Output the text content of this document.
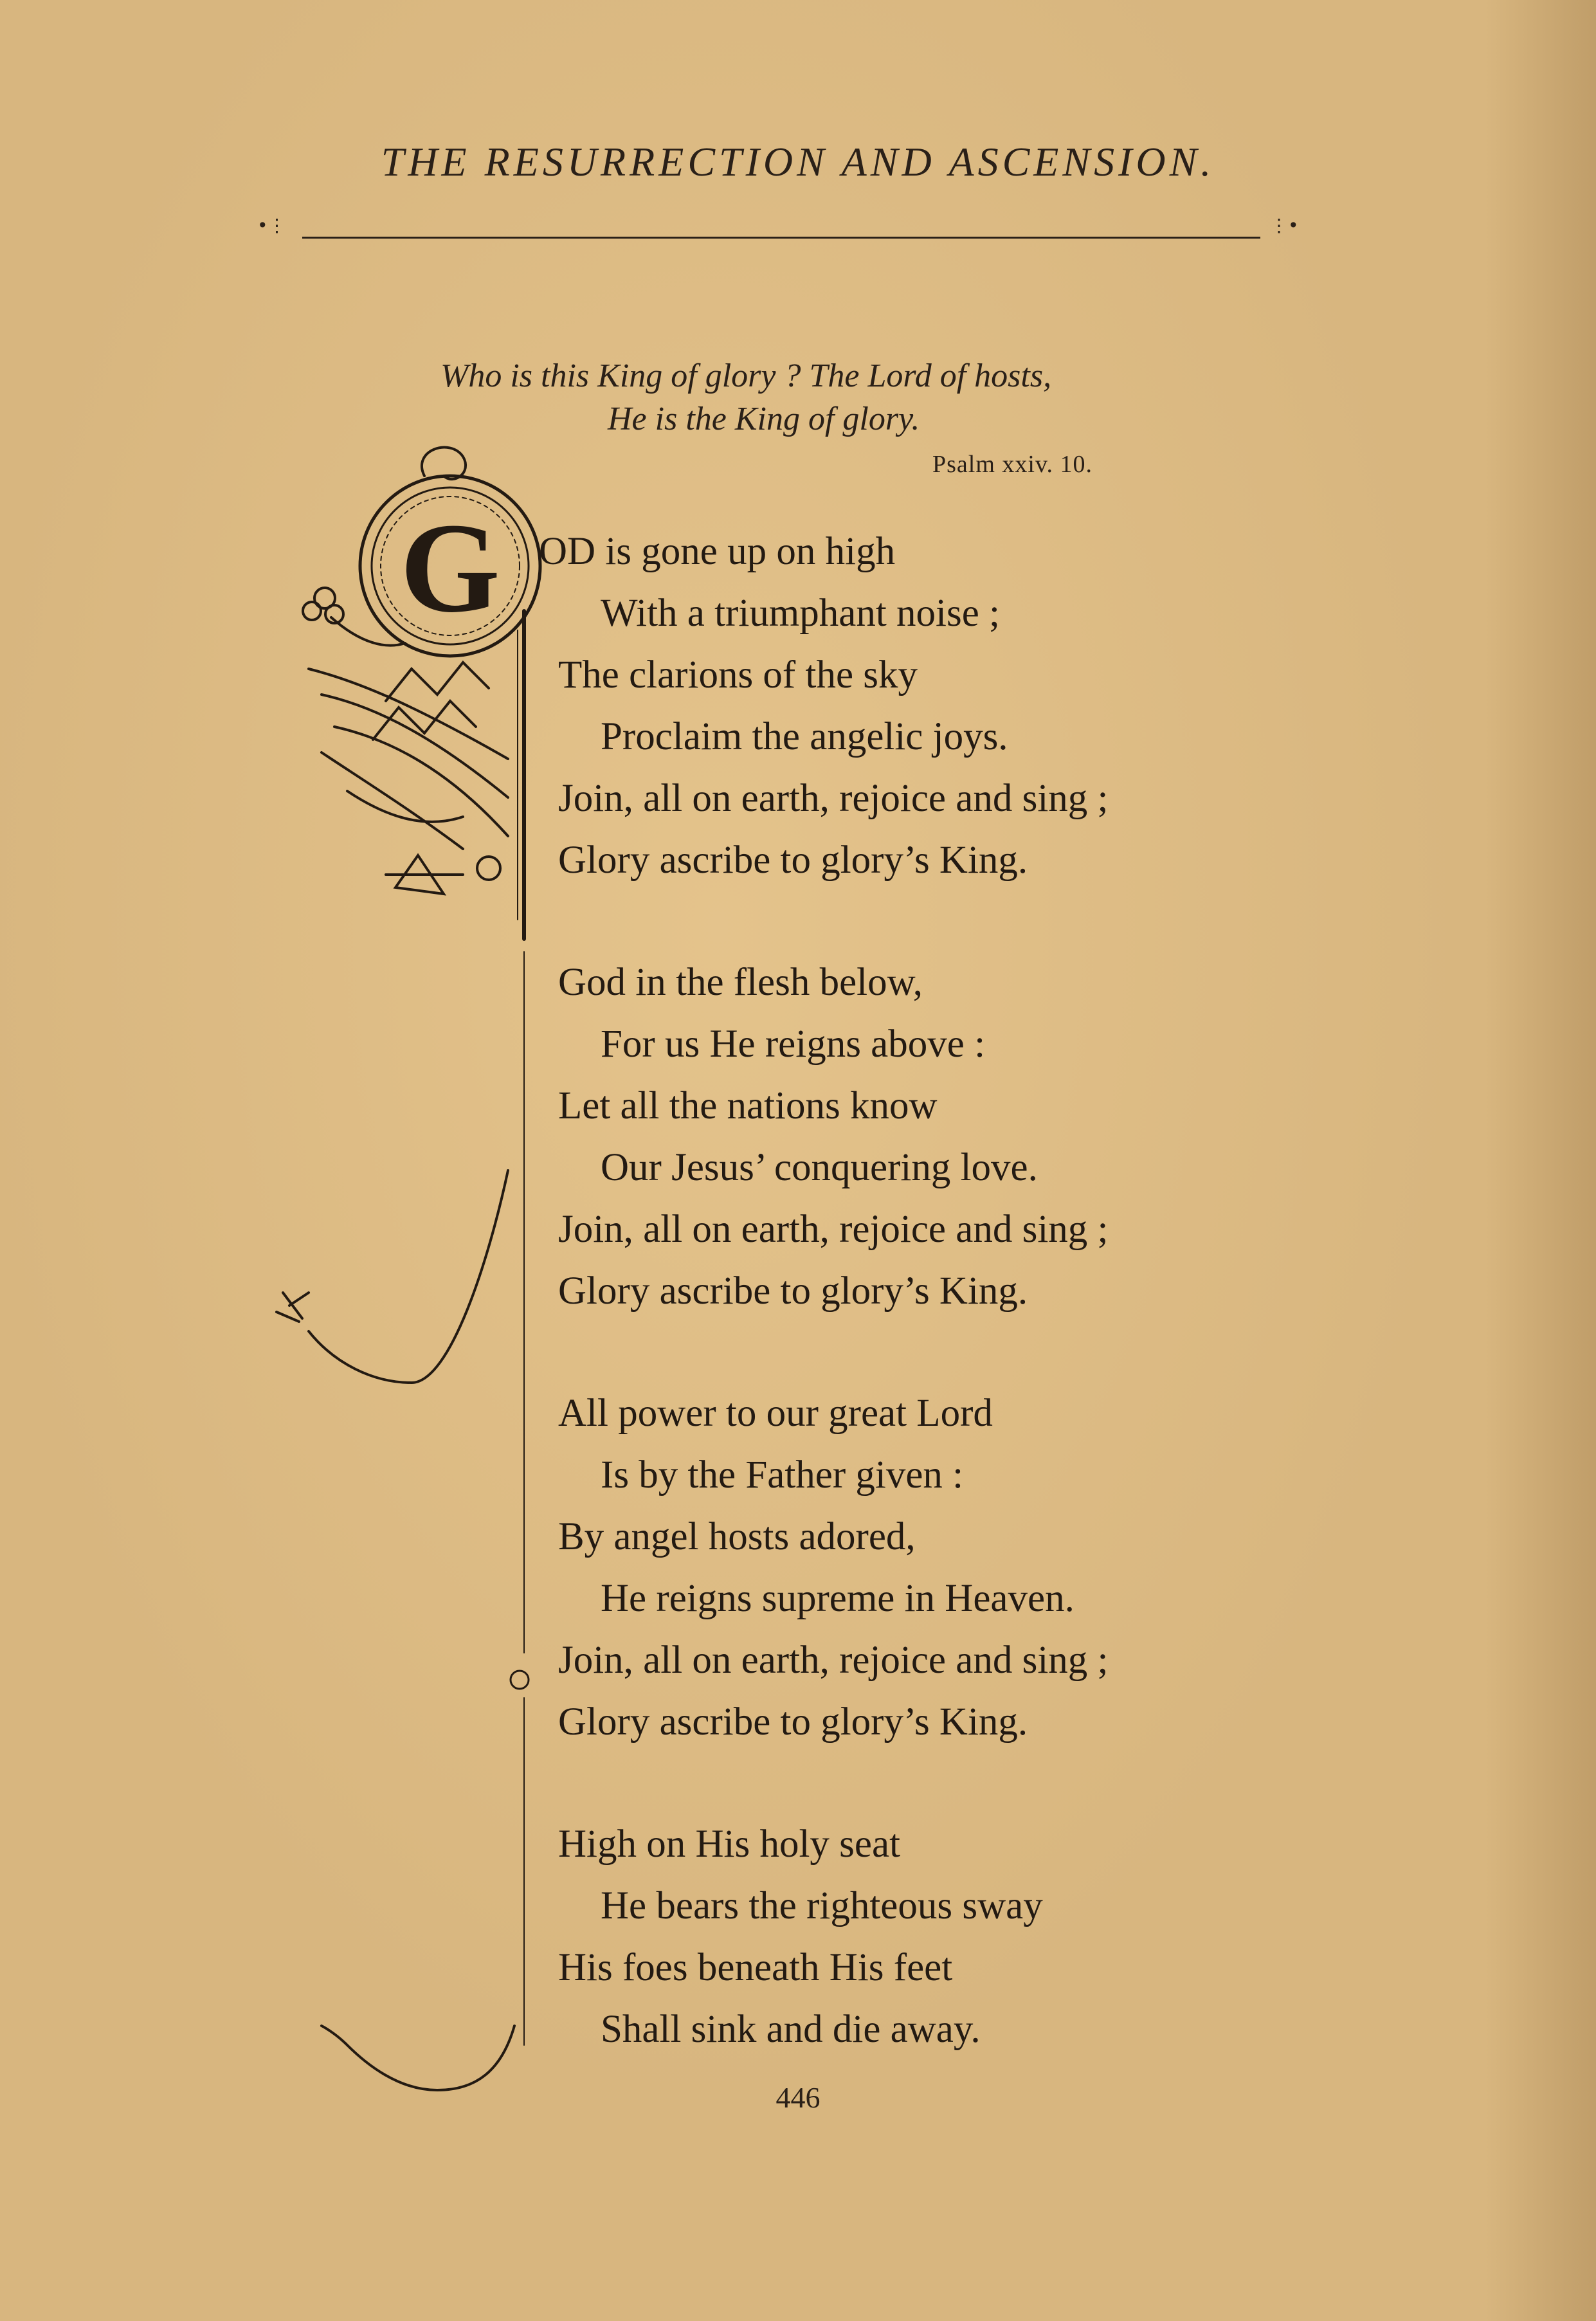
THE RESURRECTION AND ASCENSION.
•⋮	⋮•
Who is this King of glory ? The Lord of hosts,
He is the King of glory.
Psalm xxiv. 10.
G OD is gone up on high
With a triumphant noise ;
The clarions of the sky
Proclaim the angelic joys.
Join, all on earth, rejoice and sing ;
Glory ascribe to glory’s King.
God in the flesh below,
For us He reigns above :
Let all the nations know
Our Jesus’ conquering love.
Join, all on earth, rejoice and sing ;
Glory ascribe to glory’s King.
All power to our great Lord
Is by the Father given :
By angel hosts adored,
He reigns supreme in Heaven.
Join, all on earth, rejoice and sing ;
Glory ascribe to glory’s King.
High on His holy seat
He bears the righteous sway
His foes beneath His feet
Shall sink and die away.
446
